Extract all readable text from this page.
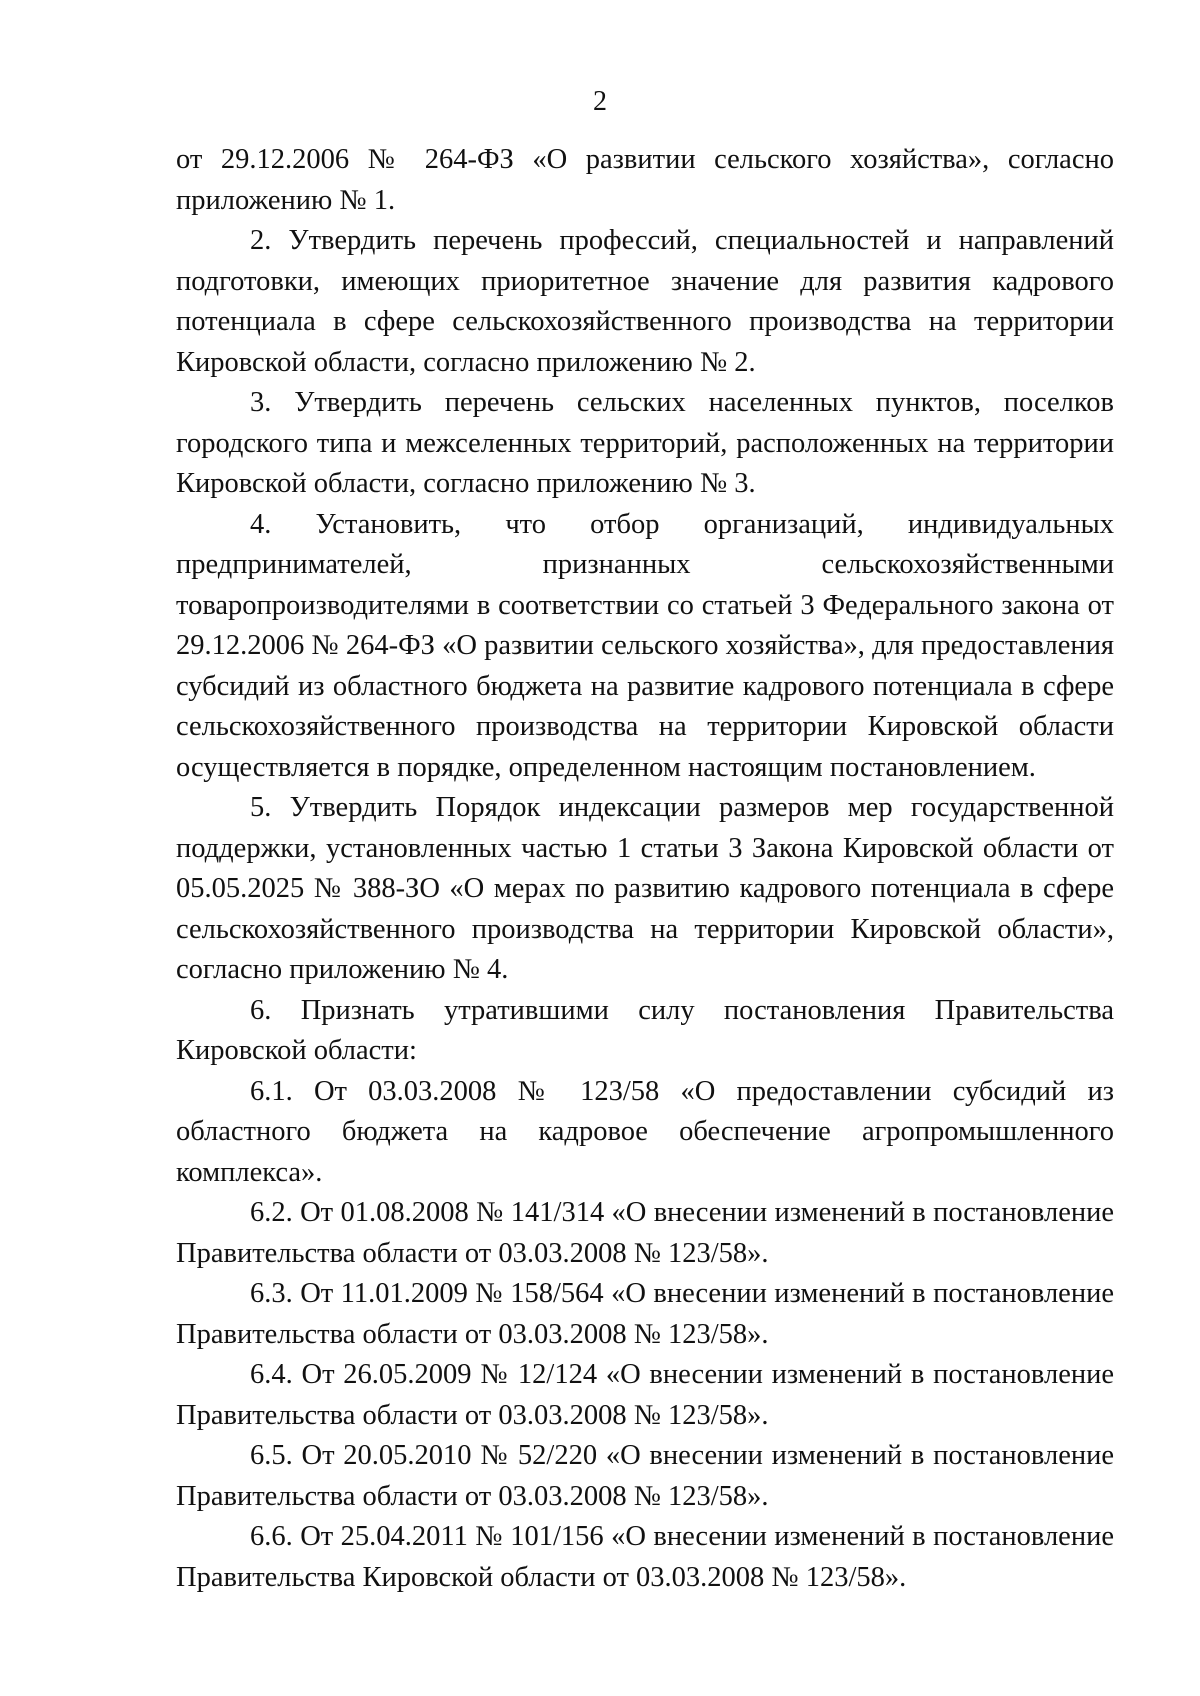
2

от 29.12.2006 № 264-ФЗ «О развитии сельского хозяйства», согласно приложению № 1.

2. Утвердить перечень профессий, специальностей и направлений подготовки, имеющих приоритетное значение для развития кадрового потенциала в сфере сельскохозяйственного производства на территории Кировской области, согласно приложению № 2.

3. Утвердить перечень сельских населенных пунктов, поселков городского типа и межселенных территорий, расположенных на территории Кировской области, согласно приложению № 3.

4. Установить, что отбор организаций, индивидуальных предпринимателей, признанных сельскохозяйственными товаропроизводителями в соответствии со статьей 3 Федерального закона от 29.12.2006 № 264-ФЗ «О развитии сельского хозяйства», для предоставления субсидий из областного бюджета на развитие кадрового потенциала в сфере сельскохозяйственного производства на территории Кировской области осуществляется в порядке, определенном настоящим постановлением.

5. Утвердить Порядок индексации размеров мер государственной поддержки, установленных частью 1 статьи 3 Закона Кировской области от 05.05.2025 № 388-ЗО «О мерах по развитию кадрового потенциала в сфере сельскохозяйственного производства на территории Кировской области», согласно приложению № 4.

6. Признать утратившими силу постановления Правительства Кировской области:

6.1. От 03.03.2008 № 123/58 «О предоставлении субсидий из областного бюджета на кадровое обеспечение агропромышленного комплекса».

6.2. От 01.08.2008 № 141/314 «О внесении изменений в постановление Правительства области от 03.03.2008 № 123/58».

6.3. От 11.01.2009 № 158/564 «О внесении изменений в постановление Правительства области от 03.03.2008 № 123/58».

6.4. От 26.05.2009 № 12/124 «О внесении изменений в постановление Правительства области от 03.03.2008 № 123/58».

6.5. От 20.05.2010 № 52/220 «О внесении изменений в постановление Правительства области от 03.03.2008 № 123/58».

6.6. От 25.04.2011 № 101/156 «О внесении изменений в постановление Правительства Кировской области от 03.03.2008 № 123/58».
